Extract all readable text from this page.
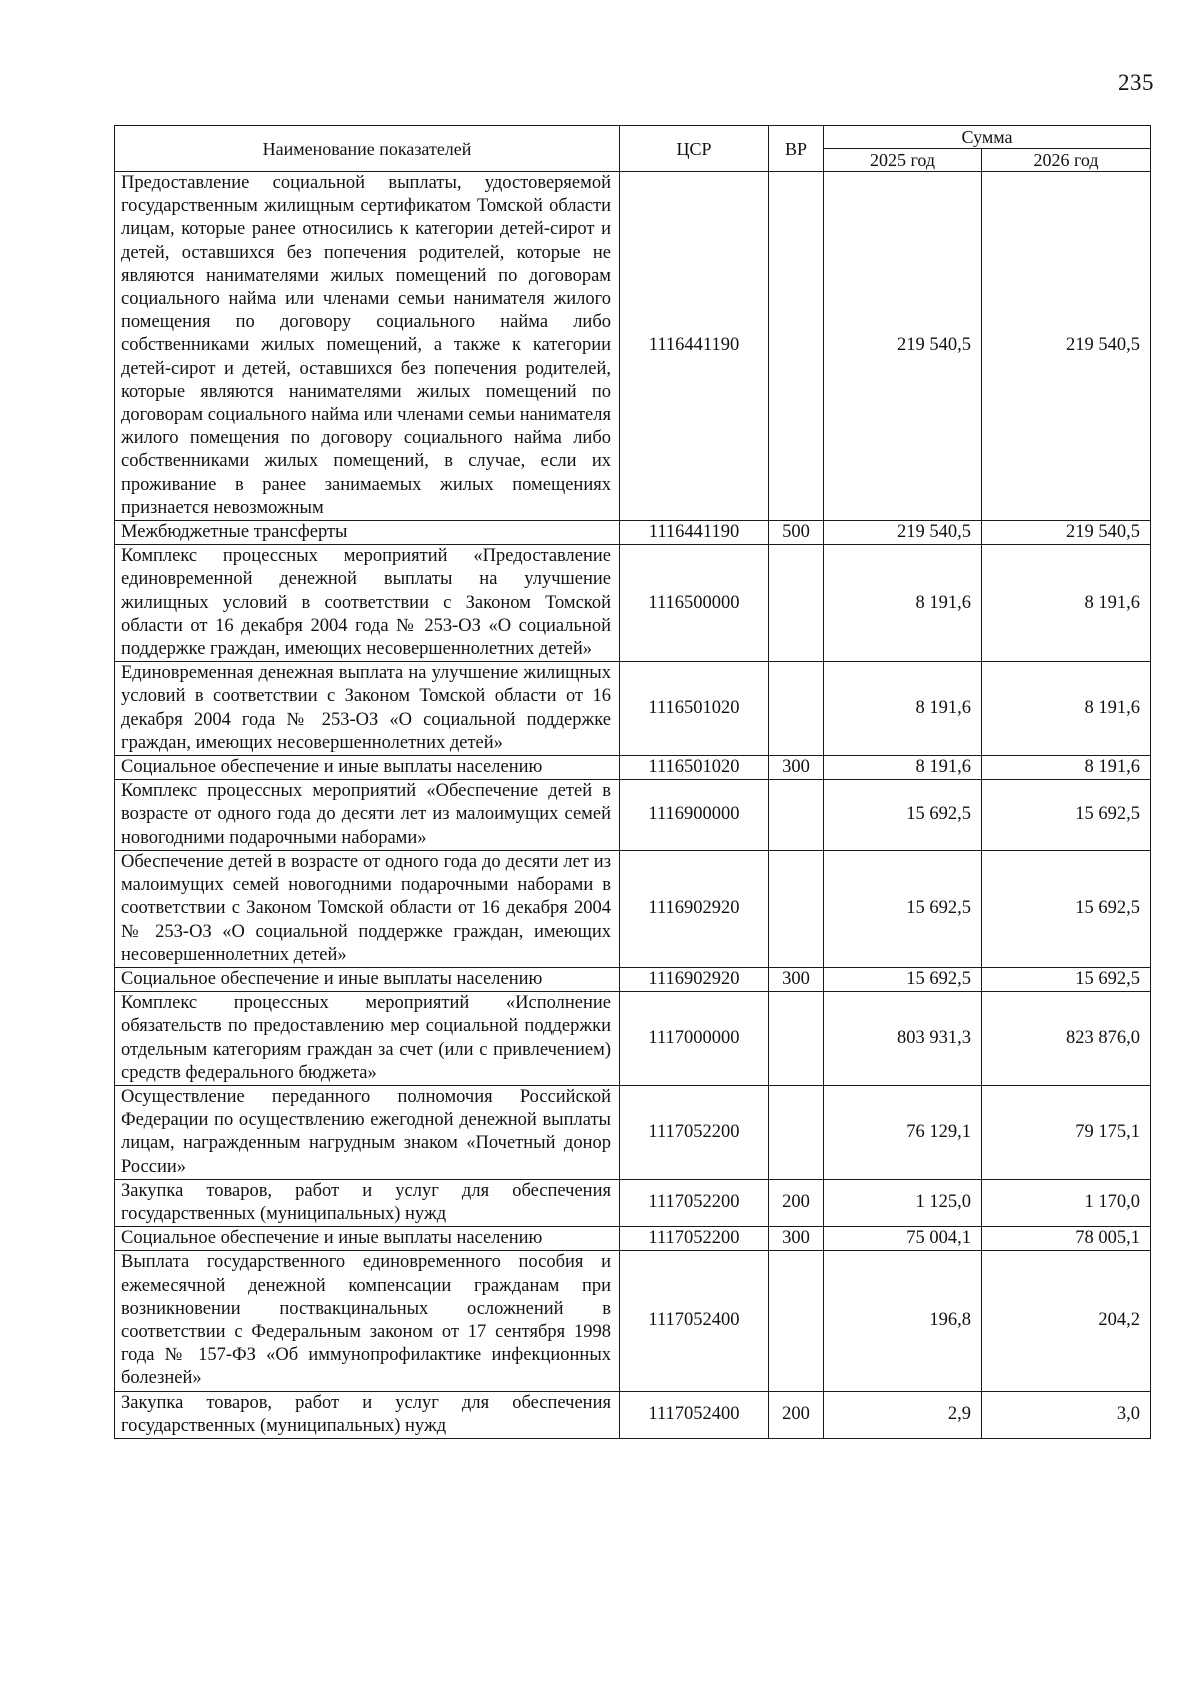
235
Наименование показателей	ЦСР	ВР	Сумма	
			2025 год	2026 год
Предоставление социальной выплаты, удостоверяемой государственным жилищным сертификатом Томской области лицам, которые ранее относились к категории детей-сирот и детей, оставшихся без попечения родителей, которые не являются нанимателями жилых помещений по договорам социального найма или членами семьи нанимателя жилого помещения по договору социального найма либо собственниками жилых помещений, а также к категории детей-сирот и детей, оставшихся без попечения родителей, которые являются нанимателями жилых помещений по договорам социального найма или членами семьи нанимателя жилого помещения по договору социального найма либо собственниками жилых помещений, в случае, если их проживание в ранее занимаемых жилых помещениях признается невозможным	1116441190		219 540,5	219 540,5
Межбюджетные трансферты	1116441190	500	219 540,5	219 540,5
Комплекс процессных мероприятий «Предоставление единовременной денежной выплаты на улучшение жилищных условий в соответствии с Законом Томской области от 16 декабря 2004 года № 253-ОЗ «О социальной поддержке граждан, имеющих несовершеннолетних детей»	1116500000		8 191,6	8 191,6
Единовременная денежная выплата на улучшение жилищных условий в соответствии с Законом Томской области от 16 декабря 2004 года № 253-ОЗ «О социальной поддержке граждан, имеющих несовершеннолетних детей»	1116501020		8 191,6	8 191,6
Социальное обеспечение и иные выплаты населению	1116501020	300	8 191,6	8 191,6
Комплекс процессных мероприятий «Обеспечение детей в возрасте от одного года до десяти лет из малоимущих семей новогодними подарочными наборами»	1116900000		15 692,5	15 692,5
Обеспечение детей в возрасте от одного года до десяти лет из малоимущих семей новогодними подарочными наборами в соответствии с Законом Томской области от 16 декабря 2004 № 253-ОЗ «О социальной поддержке граждан, имеющих несовершеннолетних детей»	1116902920		15 692,5	15 692,5
Социальное обеспечение и иные выплаты населению	1116902920	300	15 692,5	15 692,5
Комплекс процессных мероприятий «Исполнение обязательств по предоставлению мер социальной поддержки отдельным категориям граждан за счет (или с привлечением) средств федерального бюджета»	1117000000		803 931,3	823 876,0
Осуществление переданного полномочия Российской Федерации по осуществлению ежегодной денежной выплаты лицам, награжденным нагрудным знаком «Почетный донор России»	1117052200		76 129,1	79 175,1
Закупка товаров, работ и услуг для обеспечения государственных (муниципальных) нужд	1117052200	200	1 125,0	1 170,0
Социальное обеспечение и иные выплаты населению	1117052200	300	75 004,1	78 005,1
Выплата государственного единовременного пособия и ежемесячной денежной компенсации гражданам при возникновении поствакцинальных осложнений в соответствии с Федеральным законом от 17 сентября 1998 года № 157-ФЗ «Об иммунопрофилактике инфекционных болезней»	1117052400		196,8	204,2
Закупка товаров, работ и услуг для обеспечения государственных (муниципальных) нужд	1117052400	200	2,9	3,0
